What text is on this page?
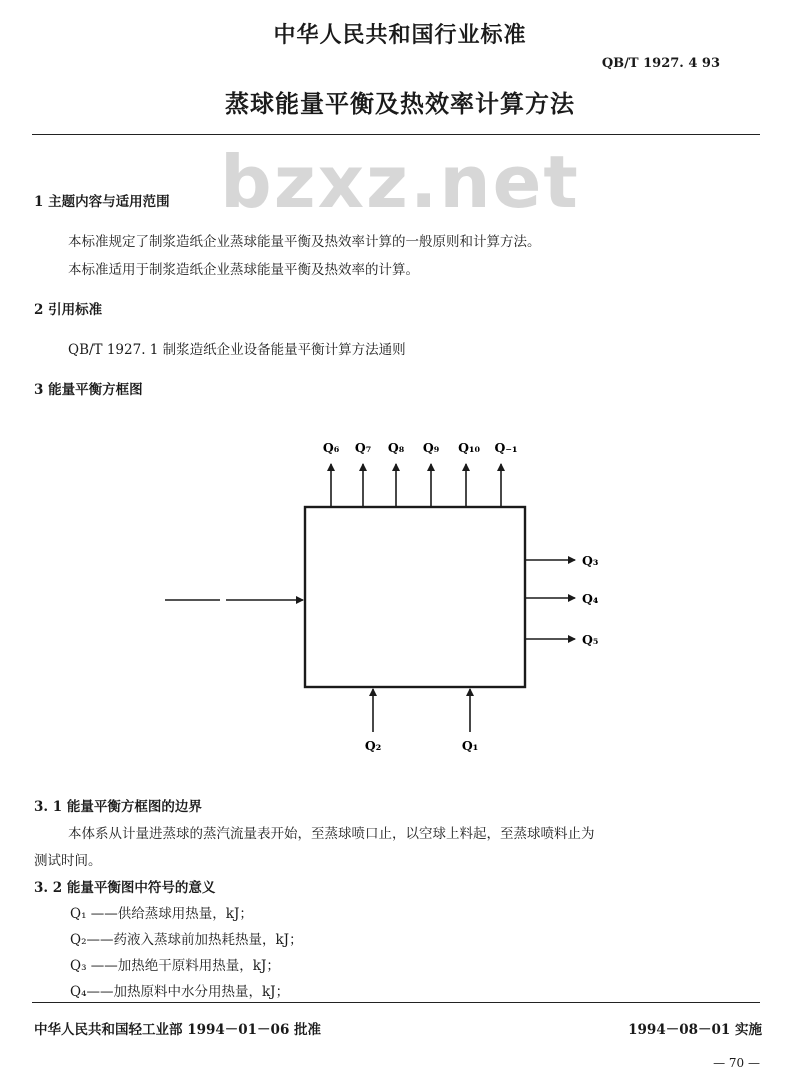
中华人民共和国行业标准
QB/T 1927. 4 93
蒸球能量平衡及热效率计算方法
bzxz.net
1 主题内容与适用范围
本标准规定了制浆造纸企业蒸球能量平衡及热效率计算的一般原则和计算方法。
本标准适用于制浆造纸企业蒸球能量平衡及热效率的计算。
2 引用标准
QB/T 1927. 1 制浆造纸企业设备能量平衡计算方法通则
3 能量平衡方框图
Q₆ Q₇ Q₈ Q₉ Q₁₀ Q₋₁
Q₃
Q₄
Q₅
Q₂	Q₁
3. 1 能量平衡方框图的边界
本体系从计量进蒸球的蒸汽流量表开始，至蒸球喷口止，以空球上料起，至蒸球喷料止为
测试时间。
3. 2 能量平衡图中符号的意义
Q₁ ——供给蒸球用热量，kJ；
Q₂——药液入蒸球前加热耗热量，kJ；
Q₃ ——加热绝干原料用热量，kJ；
Q₄——加热原料中水分用热量，kJ；
中华人民共和国轻工业部 1994－01－06 批准	1994－08－01 实施
— 70 —
